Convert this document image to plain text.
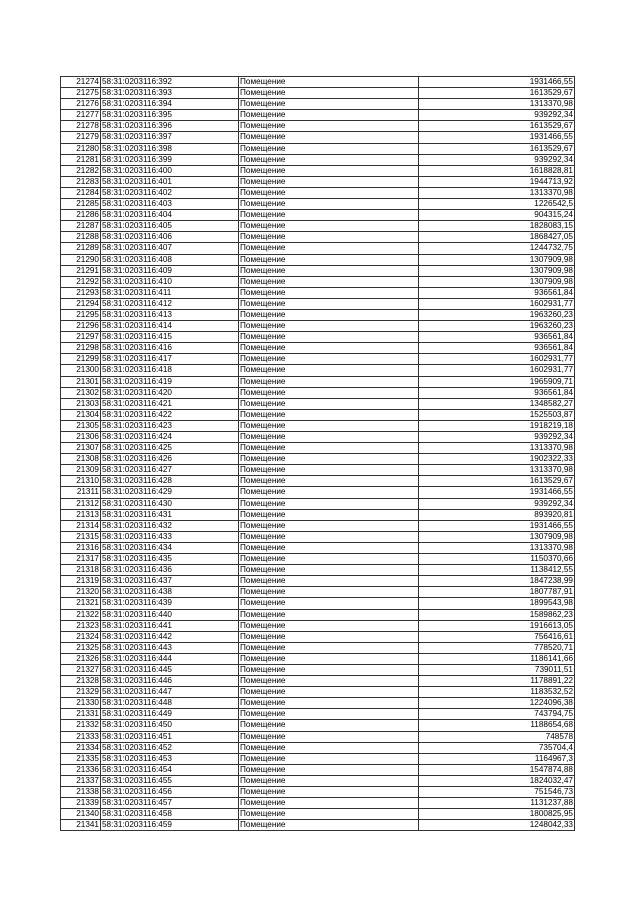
21274	58:31:0203116:392	Помещение	1931466,55
21275	58:31:0203116:393	Помещение	1613529,67
21276	58:31:0203116:394	Помещение	1313370,98
21277	58:31:0203116:395	Помещение	939292,34
21278	58:31:0203116:396	Помещение	1613529,67
21279	58:31:0203116:397	Помещение	1931466,55
21280	58:31:0203116:398	Помещение	1613529,67
21281	58:31:0203116:399	Помещение	939292,34
21282	58:31:0203116:400	Помещение	1618828,81
21283	58:31:0203116:401	Помещение	1944713,92
21284	58:31:0203116:402	Помещение	1313370,98
21285	58:31:0203116:403	Помещение	1226542,5
21286	58:31:0203116:404	Помещение	904315,24
21287	58:31:0203116:405	Помещение	1828083,15
21288	58:31:0203116:406	Помещение	1868427,05
21289	58:31:0203116:407	Помещение	1244732,75
21290	58:31:0203116:408	Помещение	1307909,98
21291	58:31:0203116:409	Помещение	1307909,98
21292	58:31:0203116:410	Помещение	1307909,98
21293	58:31:0203116:411	Помещение	936561,84
21294	58:31:0203116:412	Помещение	1602931,77
21295	58:31:0203116:413	Помещение	1963260,23
21296	58:31:0203116:414	Помещение	1963260,23
21297	58:31:0203116:415	Помещение	936561,84
21298	58:31:0203116:416	Помещение	936561,84
21299	58:31:0203116:417	Помещение	1602931,77
21300	58:31:0203116:418	Помещение	1602931,77
21301	58:31:0203116:419	Помещение	1965909,71
21302	58:31:0203116:420	Помещение	936561,84
21303	58:31:0203116:421	Помещение	1348582,27
21304	58:31:0203116:422	Помещение	1525503,87
21305	58:31:0203116:423	Помещение	1918219,18
21306	58:31:0203116:424	Помещение	939292,34
21307	58:31:0203116:425	Помещение	1313370,98
21308	58:31:0203116:426	Помещение	1902322,33
21309	58:31:0203116:427	Помещение	1313370,98
21310	58:31:0203116:428	Помещение	1613529,67
21311	58:31:0203116:429	Помещение	1931466,55
21312	58:31:0203116:430	Помещение	939292,34
21313	58:31:0203116:431	Помещение	893920,81
21314	58:31:0203116:432	Помещение	1931466,55
21315	58:31:0203116:433	Помещение	1307909,98
21316	58:31:0203116:434	Помещение	1313370,98
21317	58:31:0203116:435	Помещение	1150370,66
21318	58:31:0203116:436	Помещение	1138412,55
21319	58:31:0203116:437	Помещение	1847238,99
21320	58:31:0203116:438	Помещение	1807787,91
21321	58:31:0203116:439	Помещение	1899543,98
21322	58:31:0203116:440	Помещение	1589862,23
21323	58:31:0203116:441	Помещение	1916613,05
21324	58:31:0203116:442	Помещение	756416,61
21325	58:31:0203116:443	Помещение	778520,71
21326	58:31:0203116:444	Помещение	1186141,66
21327	58:31:0203116:445	Помещение	739011,51
21328	58:31:0203116:446	Помещение	1178891,22
21329	58:31:0203116:447	Помещение	1183532,52
21330	58:31:0203116:448	Помещение	1224096,38
21331	58:31:0203116:449	Помещение	743794,75
21332	58:31:0203116:450	Помещение	1188654,68
21333	58:31:0203116:451	Помещение	748578
21334	58:31:0203116:452	Помещение	735704,4
21335	58:31:0203116:453	Помещение	1164967,3
21336	58:31:0203116:454	Помещение	1547874,88
21337	58:31:0203116:455	Помещение	1824032,47
21338	58:31:0203116:456	Помещение	751546,73
21339	58:31:0203116:457	Помещение	1131237,88
21340	58:31:0203116:458	Помещение	1800825,95
21341	58:31:0203116:459	Помещение	1248042,33
